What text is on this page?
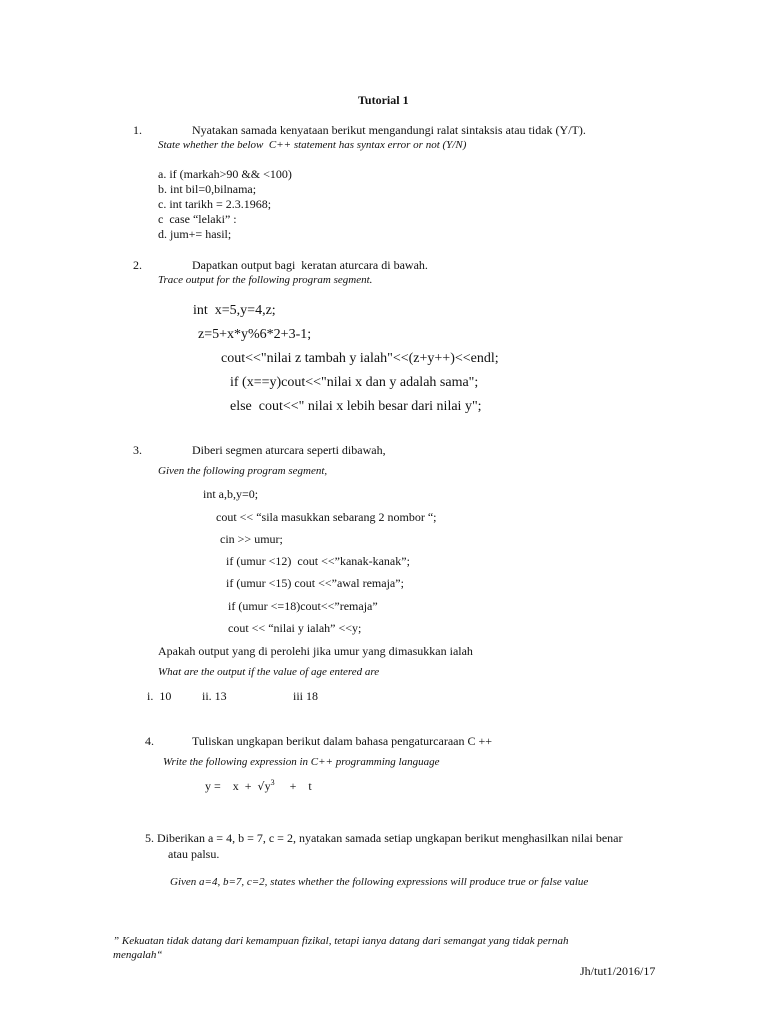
Tutorial 1
1.	Nyatakan samada kenyataan berikut mengandungi ralat sintaksis atau tidak (Y/T).
State whether the below  C++ statement has syntax error or not (Y/N)
a. if (markah>90 && <100)
b. int bil=0,bilnama;
c. int tarikh = 2.3.1968;
c  case “lelaki” :
d. jum+= hasil;
2.	Dapatkan output bagi  keratan aturcara di bawah.
Trace output for the following program segment.
int  x=5,y=4,z;
z=5+x*y%6*2+3-1;
cout<<"nilai z tambah y ialah"<<(z+y++)<<endl;
if (x==y)cout<<"nilai x dan y adalah sama";
else  cout<<" nilai x lebih besar dari nilai y";
3.	Diberi segmen aturcara seperti dibawah,
Given the following program segment,
int a,b,y=0;
cout << “sila masukkan sebarang 2 nombor “;
cin >> umur;
if (umur <12)  cout <<”kanak-kanak”;
if (umur <15) cout <<”awal remaja”;
if (umur <=18)cout<<”remaja”
cout << “nilai y ialah” <<y;
Apakah output yang di perolehi jika umur yang dimasukkan ialah
What are the output if the value of age entered are
i.  10	ii. 13	iii 18
4.	Tuliskan ungkapan berikut dalam bahasa pengaturcaraan C ++
Write the following expression in C++ programming language
y =    $x + √y^3$     +    t
5. Diberikan a = 4, b = 7, c = 2, nyatakan samada setiap ungkapan berikut menghasilkan nilai benar
atau palsu.
Given a=4, b=7, c=2, states whether the following expressions will produce true or false value
” Kekuatan tidak datang dari kemampuan fizikal, tetapi ianya datang dari semangat yang tidak pernah
mengalah“
Jh/tut1/2016/17
